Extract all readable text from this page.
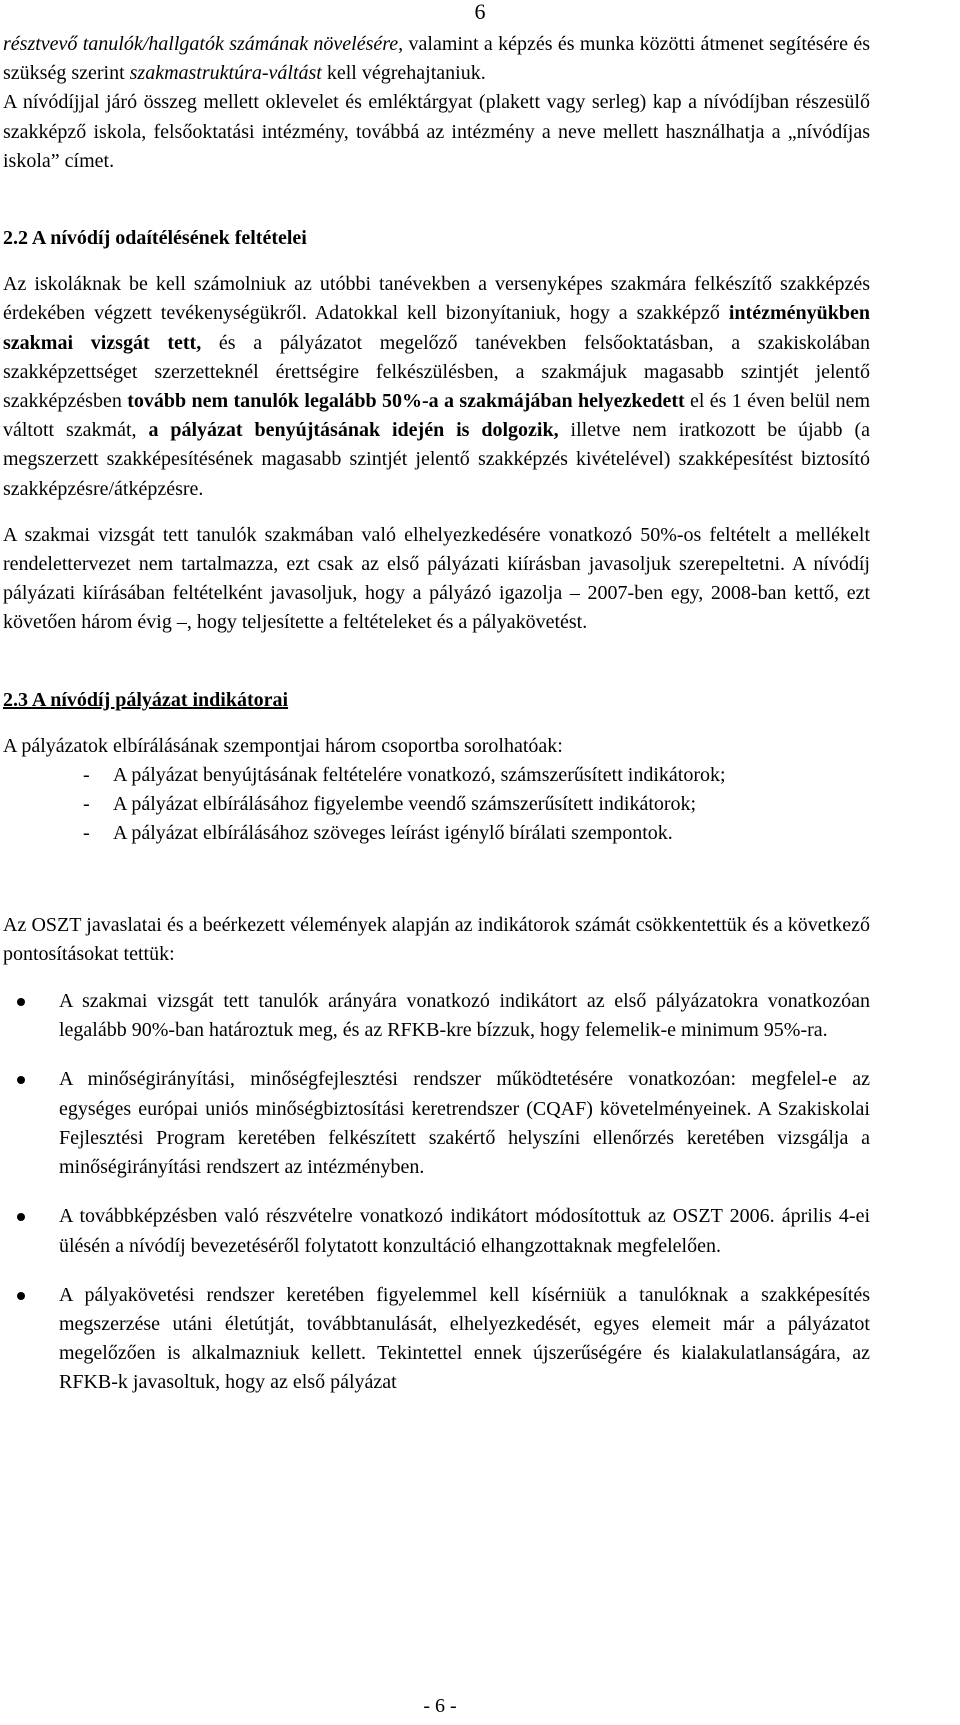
6

résztvevő tanulók/hallgatók számának növelésére, valamint a képzés és munka közötti átmenet segítésére és szükség szerint szakmastruktúra-váltást kell végrehajtaniuk.

A nívódíjjal járó összeg mellett oklevelet és emléktárgyat (plakett vagy serleg) kap a nívódíjban részesülő szakképző iskola, felsőoktatási intézmény, továbbá az intézmény a neve mellett használhatja a „nívódíjas iskola” címet.

2.2 A nívódíj odaítélésének feltételei

Az iskoláknak be kell számolniuk az utóbbi tanévekben a versenyképes szakmára felkészítő szakképzés érdekében végzett tevékenységükről. Adatokkal kell bizonyítaniuk, hogy a szakképző intézményükben szakmai vizsgát tett, és a pályázatot megelőző tanévekben felsőoktatásban, a szakiskolában szakképzettséget szerzetteknél érettségire felkészülésben, a szakmájuk magasabb szintjét jelentő szakképzésben tovább nem tanulók legalább 50%-a a szakmájában helyezkedett el és 1 éven belül nem váltott szakmát, a pályázat benyújtásának idején is dolgozik, illetve nem iratkozott be újabb (a megszerzett szakképesítésének magasabb szintjét jelentő szakképzés kivételével) szakképesítést biztosító szakképzésre/átképzésre.

A szakmai vizsgát tett tanulók szakmában való elhelyezkedésére vonatkozó 50%-os feltételt a mellékelt rendelettervezet nem tartalmazza, ezt csak az első pályázati kiírásban javasoljuk szerepeltetni. A nívódíj pályázati kiírásában feltételként javasoljuk, hogy a pályázó igazolja – 2007-ben egy, 2008-ban kettő, ezt követően három évig –, hogy teljesítette a feltételeket és a pályakövetést.

2.3 A nívódíj pályázat indikátorai

A pályázatok elbírálásának szempontjai három csoportba sorolhatóak:

- A pályázat benyújtásának feltételére vonatkozó, számszerűsített indikátorok;
- A pályázat elbírálásához figyelembe veendő számszerűsített indikátorok;
- A pályázat elbírálásához szöveges leírást igénylő bírálati szempontok.

Az OSZT javaslatai és a beérkezett vélemények alapján az indikátorok számát csökkentettük és a következő pontosításokat tettük:

A szakmai vizsgát tett tanulók arányára vonatkozó indikátort az első pályázatokra vonatkozóan legalább 90%-ban határoztuk meg, és az RFKB-kre bízzuk, hogy felemelik-e minimum 95%-ra.
A minőségirányítási, minőségfejlesztési rendszer működtetésére vonatkozóan: megfelel-e az egységes európai uniós minőségbiztosítási keretrendszer (CQAF) követelményeinek. A Szakiskolai Fejlesztési Program keretében felkészített szakértő helyszíni ellenőrzés keretében vizsgálja a minőségirányítási rendszert az intézményben.
A továbbképzésben való részvételre vonatkozó indikátort módosítottuk az OSZT 2006. április 4-ei ülésén a nívódíj bevezetéséről folytatott konzultáció elhangzottaknak megfelelően.
A pályakövetési rendszer keretében figyelemmel kell kísérniük a tanulóknak a szakképesítés megszerzése utáni életútját, továbbtanulását, elhelyezkedését, egyes elemeit már a pályázatot megelőzően is alkalmazniuk kellett. Tekintettel ennek újszerűségére és kialakulatlanságára, az RFKB-k javasoltuk, hogy az első pályázat
- 6 -
